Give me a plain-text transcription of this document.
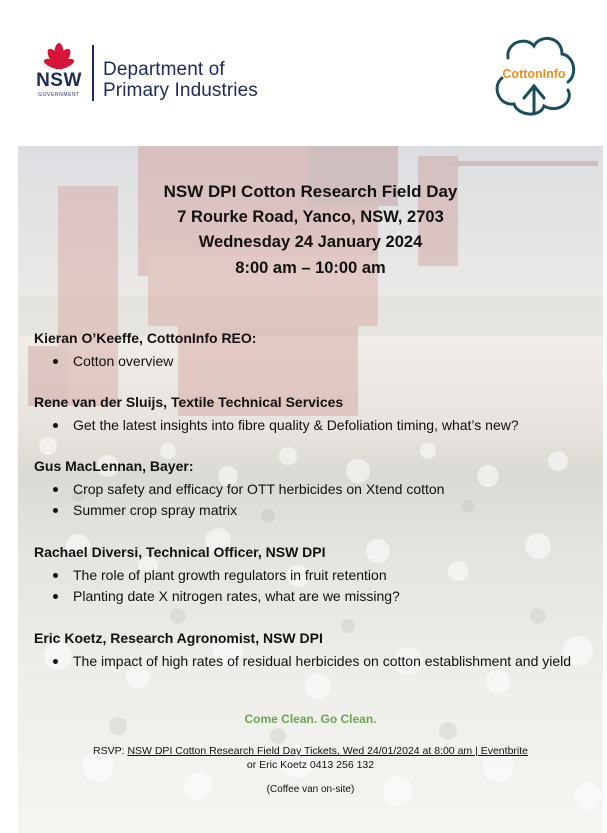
NSW
GOVERNMENT
Department of
Primary Industries
CottonInfo
NSW DPI Cotton Research Field Day
7 Rourke Road, Yanco, NSW, 2703
Wednesday 24 January 2024
8:00 am – 10:00 am

Kieran O’Keeffe, CottonInfo REO:

Cotton overview

Rene van der Sluijs, Textile Technical Services

Get the latest insights into fibre quality & Defoliation timing, what’s new?

Gus MacLennan, Bayer:

Crop safety and efficacy for OTT herbicides on Xtend cotton
Summer crop spray matrix

Rachael Diversi, Technical Officer, NSW DPI

The role of plant growth regulators in fruit retention
Planting date X nitrogen rates, what are we missing?

Eric Koetz, Research Agronomist, NSW DPI

The impact of high rates of residual herbicides on cotton establishment and yield
Come Clean. Go Clean.
RSVP: NSW DPI Cotton Research Field Day Tickets, Wed 24/01/2024 at 8:00 am | Eventbrite
or Eric Koetz 0413 256 132
(Coffee van on-site)
